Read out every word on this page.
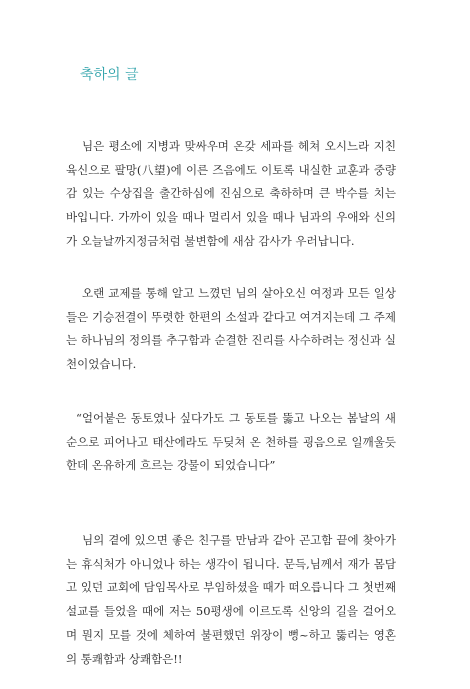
축하의 글

님은 평소에 지병과 맞싸우며 온갖 세파를 헤쳐 오시느라 지친 육신으로 팔망(八望)에 이른 즈음에도 이토록 내실한 교훈과 중량감 있는 수상집을 출간하심에 진심으로 축하하며 큰 박수를 치는 바입니다. 가까이 있을 때나 멀리서 있을 때나 님과의 우애와 신의가 오늘날까지정금처럼 불변함에 새삼 감사가 우러납니다.

오랜 교제를 통해 알고 느꼈던 님의 살아오신 여정과 모든 일상들은 기승전결이 뚜렷한 한편의 소설과 같다고 여겨지는데 그 주제는 하나님의 정의를 추구함과 순결한 진리를 사수하려는 정신과 실천이었습니다.

“얼어붙은 동토였나 싶다가도 그 동토를 뚫고 나오는 봄날의 새순으로 피어나고 태산에라도 두딪쳐 온 천하를 굉음으로 일깨울듯한데 온유하게 흐르는 강물이 되었습니다”

님의 곁에 있으면 좋은 친구를 만남과 같아 곤고함 끝에 찾아가는 휴식처가 아니었나 하는 생각이 됩니다. 문득,님께서 재가 몸담고 있던 교회에 담임목사로 부임하셨을 때가 떠오릅니다 그 첫번째 설교를 들었을 때에 저는 50평생에 이르도록 신앙의 길을 걸어오며 뭔지 모를 것에 체하여 불편했던 위장이 뻥~하고 뚫리는 영혼의 통쾌함과 상쾌함은!!
